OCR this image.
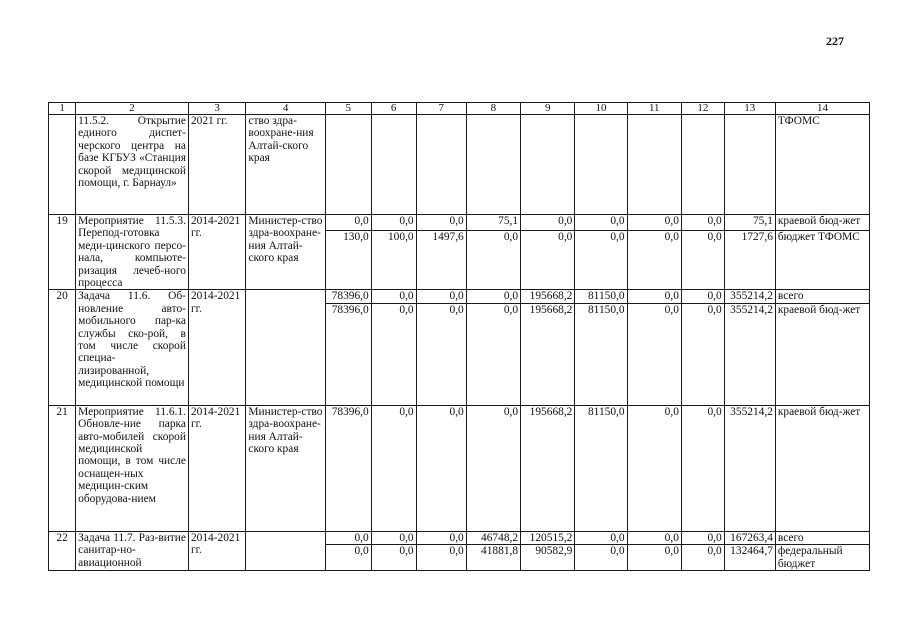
227
1	2	3	4	5	6	7	8	9	10	11	12	13	14
	11.5.2. Открытие единого диспет-черского центра на базе КГБУЗ «Станция скорой медицинской помощи, г. Барнаул»	2021 гг.	ство здра-воохране-ния Алтай-ского края										ТФОМС
19	Мероприятие 11.5.3. Перепод-готовка меди-цинского персо-нала, компьюте-ризация лечеб-ного процесса	2014-2021 гг.	Министер-ство здра-воохране-ния Алтай-ского края	0,0	0,0	0,0	75,1	0,0	0,0	0,0	0,0	75,1	краевой бюд-жет
				130,0	100,0	1497,6	0,0	0,0	0,0	0,0	0,0	1727,6	бюджет ТФОМС
20	Задача 11.6. Об-новление авто-мобильного пар-ка службы ско-рой, в том числе скорой специа-лизированной, медицинской помощи	2014-2021 гг.		78396,0	0,0	0,0	0,0	195668,2	81150,0	0,0	0,0	355214,2	всего
				78396,0	0,0	0,0	0,0	195668,2	81150,0	0,0	0,0	355214,2	краевой бюд-жет
21	Мероприятие 11.6.1. Обновле-ние парка авто-мобилей скорой медицинской помощи, в том числе оснащен-ных медицин-ским оборудова-нием	2014-2021 гг.	Министер-ство здра-воохране-ния Алтай-ского края	78396,0	0,0	0,0	0,0	195668,2	81150,0	0,0	0,0	355214,2	краевой бюд-жет
22	Задача 11.7. Раз-витие санитар-но-авиационной	2014-2021 гг.		0,0	0,0	0,0	46748,2	120515,2	0,0	0,0	0,0	167263,4	всего
				0,0	0,0	0,0	41881,8	90582,9	0,0	0,0	0,0	132464,7	федеральный бюджет
